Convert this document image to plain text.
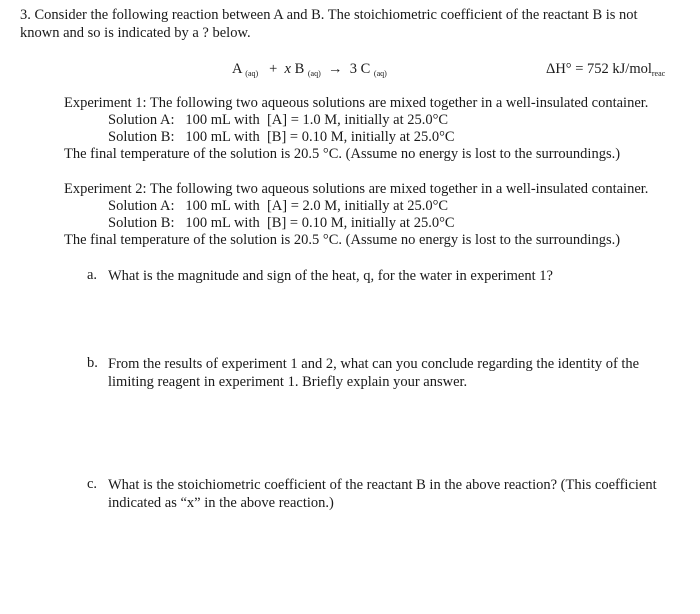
3. Consider the following reaction between A and B. The stoichiometric coefficient of the reactant B is not known and so is indicated by a ? below.
A $_{(aq)}$ + x B $_{(aq)}$ → 3 C $_{(aq)}$	ΔH° = 752 kJ/mol$_{reac}$
Experiment 1: The following two aqueous solutions are mixed together in a well-insulated container.
Solution A:   100 mL with  [A] = 1.0 M, initially at 25.0°C
Solution B:   100 mL with  [B] = 0.10 M, initially at 25.0°C
The final temperature of the solution is 20.5 °C. (Assume no energy is lost to the surroundings.)
Experiment 2: The following two aqueous solutions are mixed together in a well-insulated container.
Solution A:   100 mL with  [A] = 2.0 M, initially at 25.0°C
Solution B:   100 mL with  [B] = 0.10 M, initially at 25.0°C
The final temperature of the solution is 20.5 °C. (Assume no energy is lost to the surroundings.)
a. What is the magnitude and sign of the heat, q, for the water in experiment 1?
b. From the results of experiment 1 and 2, what can you conclude regarding the identity of the limiting reagent in experiment 1. Briefly explain your answer.
c. What is the stoichiometric coefficient of the reactant B in the above reaction? (This coefficient indicated as “x” in the above reaction.)
